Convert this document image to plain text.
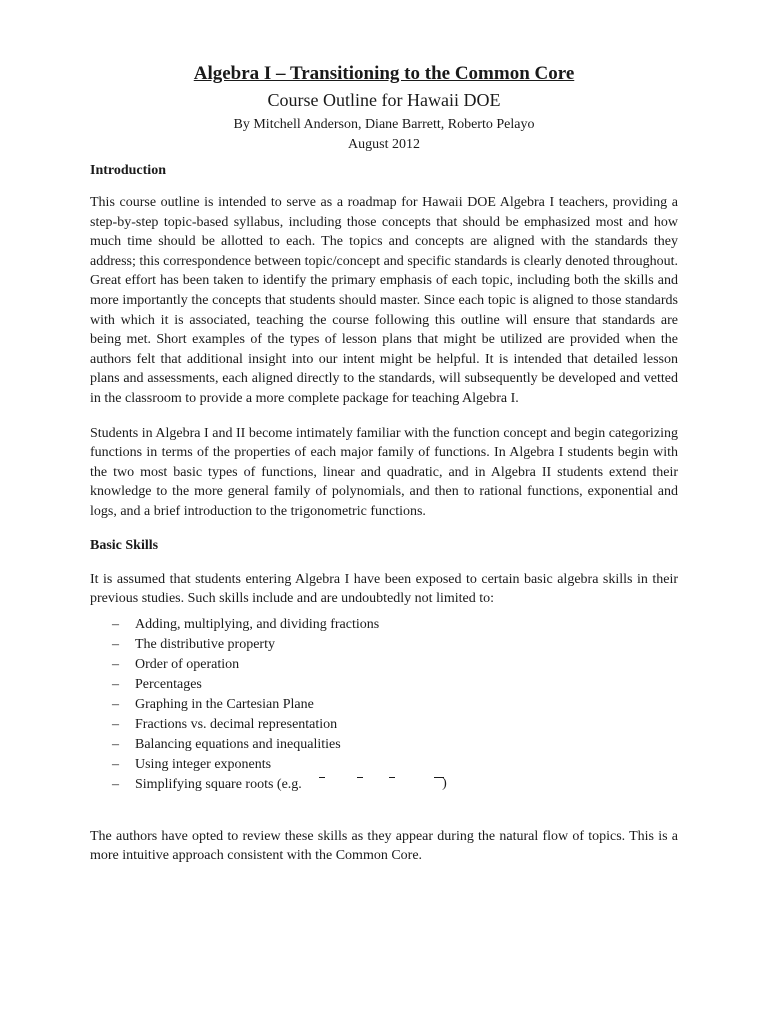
Algebra I – Transitioning to the Common Core

Course Outline for Hawaii DOE

By Mitchell Anderson, Diane Barrett, Roberto Pelayo

August 2012

Introduction

This course outline is intended to serve as a roadmap for Hawaii DOE Algebra I teachers, providing a step-by-step topic-based syllabus, including those concepts that should be emphasized most and how much time should be allotted to each. The topics and concepts are aligned with the standards they address; this correspondence between topic/concept and specific standards is clearly denoted throughout. Great effort has been taken to identify the primary emphasis of each topic, including both the skills and more importantly the concepts that students should master. Since each topic is aligned to those standards with which it is associated, teaching the course following this outline will ensure that standards are being met. Short examples of the types of lesson plans that might be utilized are provided when the authors felt that additional insight into our intent might be helpful. It is intended that detailed lesson plans and assessments, each aligned directly to the standards, will subsequently be developed and vetted in the classroom to provide a more complete package for teaching Algebra I.

Students in Algebra I and II become intimately familiar with the function concept and begin categorizing functions in terms of the properties of each major family of functions. In Algebra I students begin with the two most basic types of functions, linear and quadratic, and in Algebra II students extend their knowledge to the more general family of polynomials, and then to rational functions, exponential and logs, and a brief introduction to the trigonometric functions.

Basic Skills

It is assumed that students entering Algebra I have been exposed to certain basic algebra skills in their previous studies. Such skills include and are undoubtedly not limited to:

– Adding, multiplying, and dividing fractions
– The distributive property
– Order of operation
– Percentages
– Graphing in the Cartesian Plane
– Fractions vs. decimal representation
– Balancing equations and inequalities
– Using integer exponents
– Simplifying square roots (e.g.	)

The authors have opted to review these skills as they appear during the natural flow of topics. This is a more intuitive approach consistent with the Common Core.
